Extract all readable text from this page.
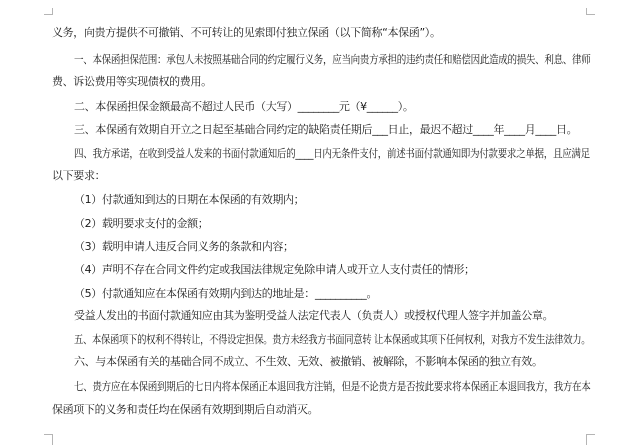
义务，向贵方提供不可撤销、不可转让的见索即付独立保函（以下简称“本保函”）。
一、本保函担保范围：承包人未按照基础合同的约定履行义务，应当向贵方承担的违约责任和赔偿因此造成的损失、利息、律师
费、诉讼费用等实现债权的费用。
二、本保函担保金额最高不超过人民币（大写）________元（¥______）。
三、本保函有效期自开立之日起至基础合同约定的缺陷责任期后___日止，最迟不超过____年____月____日。
四、我方承诺，在收到受益人发来的书面付款通知后的____日内无条件支付，前述书面付款通知即为付款要求之单据，且应满足
以下要求：
（1）付款通知到达的日期在本保函的有效期内；
（2）载明要求支付的金额；
（3）载明申请人违反合同义务的条款和内容；
（4）声明不存在合同文件约定或我国法律规定免除申请人或开立人支付责任的情形；
（5）付款通知应在本保函有效期内到达的地址是：__________。
受益人发出的书面付款通知应由其为鉴明受益人法定代表人（负责人）或授权代理人签字并加盖公章。
五、本保函项下的权利不得转让，不得设定担保。贵方未经我方书面同意转 让本保函或其项下任何权利，对我方不发生法律效力。
六、与本保函有关的基础合同不成立、不生效、无效、被撤销、被解除，不影响本保函的独立有效。
七、贵方应在本保函到期后的七日内将本保函正本退回我方注销，但是不论贵方是否按此要求将本保函正本退回我方，我方在本
保函项下的义务和责任均在保函有效期到期后自动消灭。
